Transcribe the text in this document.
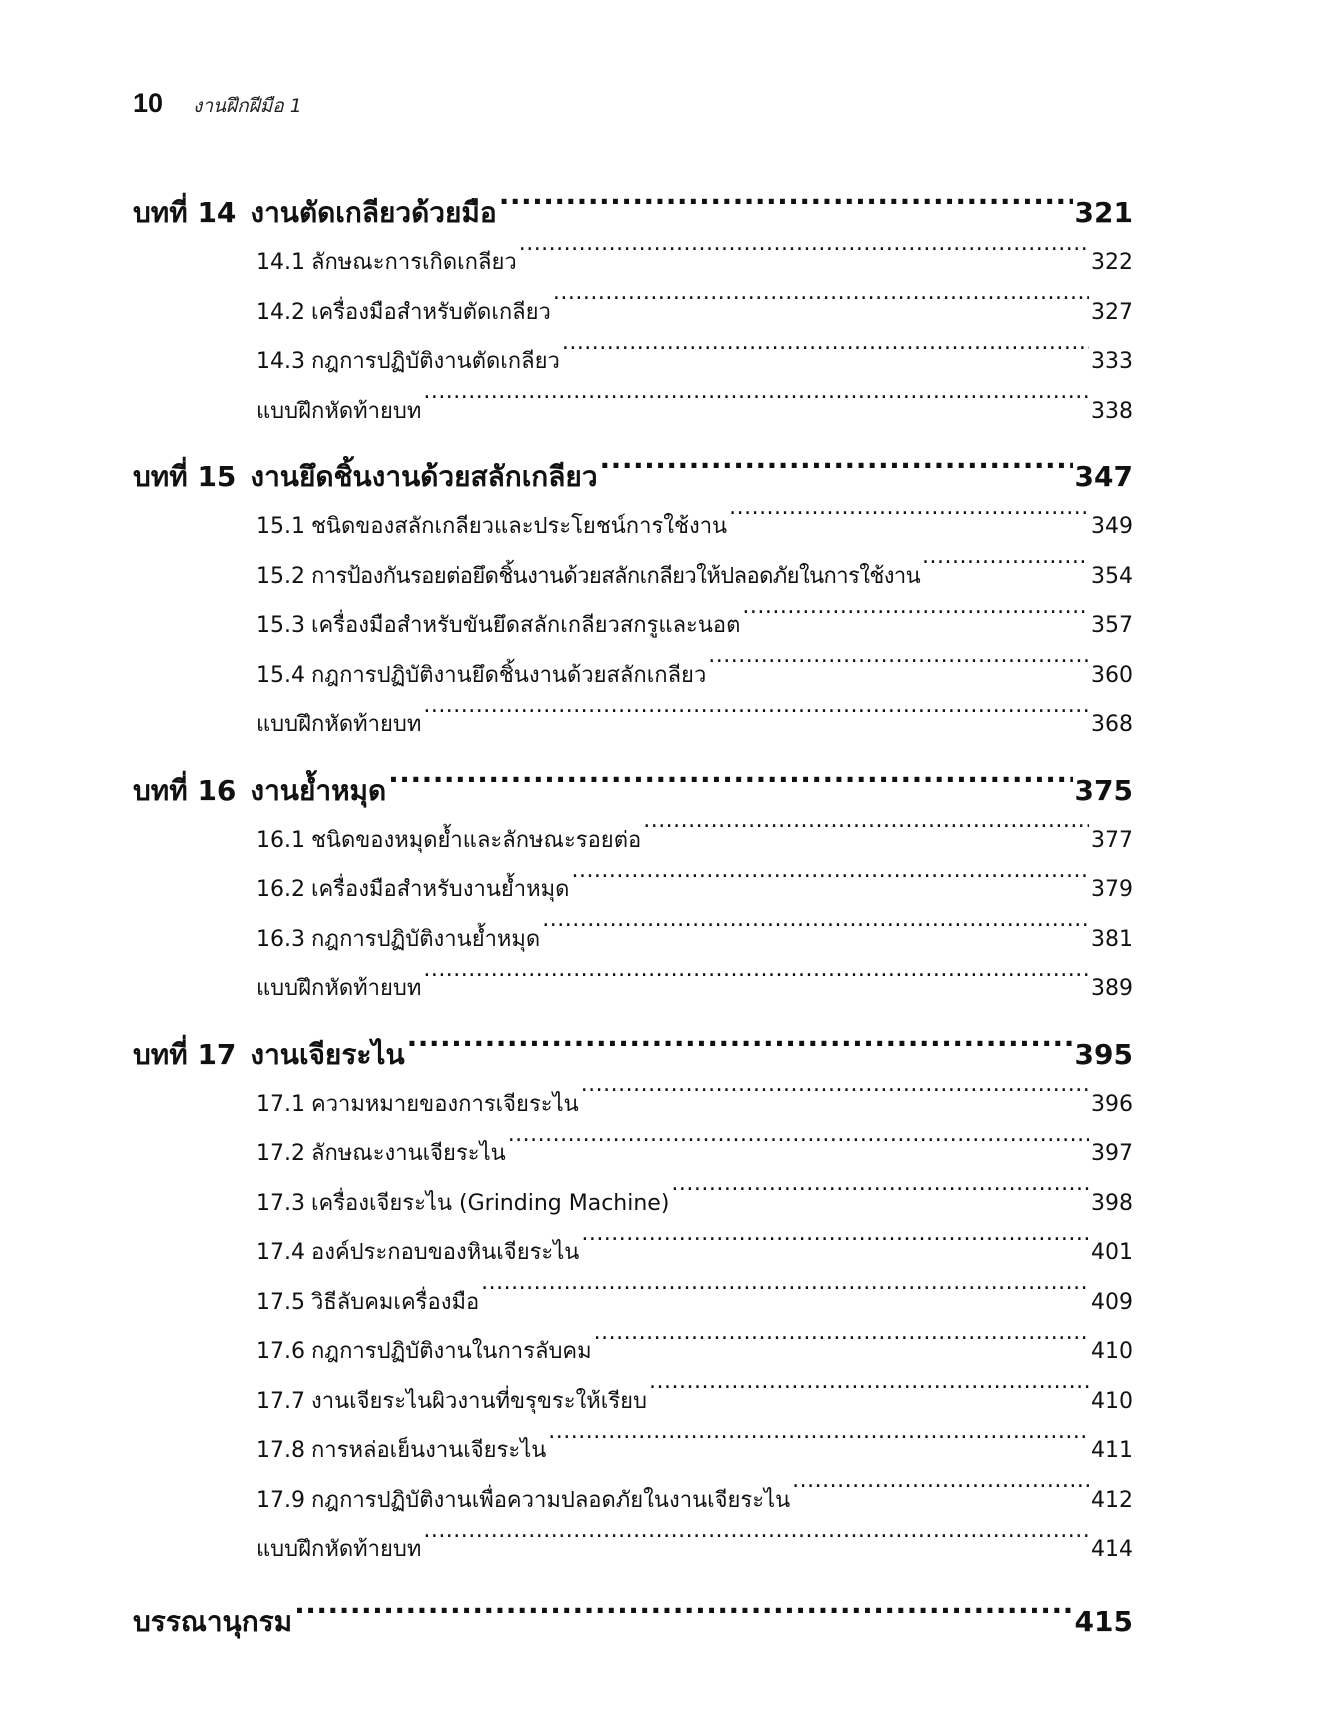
10 งานฝึกฝีมือ 1
บทที่ 14 งานตัดเกลียวด้วยมือ .....	321
14.1 ลักษณะการเกิดเกลียว .....	322
14.2 เครื่องมือสำหรับตัดเกลียว .....	327
14.3 กฎการปฏิบัติงานตัดเกลียว .....	333
แบบฝึกหัดท้ายบท .....	338
บทที่ 15 งานยึดชิ้นงานด้วยสลักเกลียว .....	347
15.1 ชนิดของสลักเกลียวและประโยชน์การใช้งาน .....	349
15.2 การป้องกันรอยต่อยึดชิ้นงานด้วยสลักเกลียวให้ปลอดภัยในการใช้งาน .....	354
15.3 เครื่องมือสำหรับขันยึดสลักเกลียวสกรูและนอต .....	357
15.4 กฎการปฏิบัติงานยึดชิ้นงานด้วยสลักเกลียว .....	360
แบบฝึกหัดท้ายบท .....	368
บทที่ 16 งานย้ำหมุด .....	375
16.1 ชนิดของหมุดย้ำและลักษณะรอยต่อ .....	377
16.2 เครื่องมือสำหรับงานย้ำหมุด .....	379
16.3 กฎการปฏิบัติงานย้ำหมุด .....	381
แบบฝึกหัดท้ายบท .....	389
บทที่ 17 งานเจียระไน .....	395
17.1 ความหมายของการเจียระไน .....	396
17.2 ลักษณะงานเจียระไน .....	397
17.3 เครื่องเจียระไน (Grinding Machine) .....	398
17.4 องค์ประกอบของหินเจียระไน .....	401
17.5 วิธีลับคมเครื่องมือ .....	409
17.6 กฎการปฏิบัติงานในการลับคม .....	410
17.7 งานเจียระไนผิวงานที่ขรุขระให้เรียบ .....	410
17.8 การหล่อเย็นงานเจียระไน .....	411
17.9 กฎการปฏิบัติงานเพื่อความปลอดภัยในงานเจียระไน .....	412
แบบฝึกหัดท้ายบท .....	414
บรรณานุกรม .....	415
